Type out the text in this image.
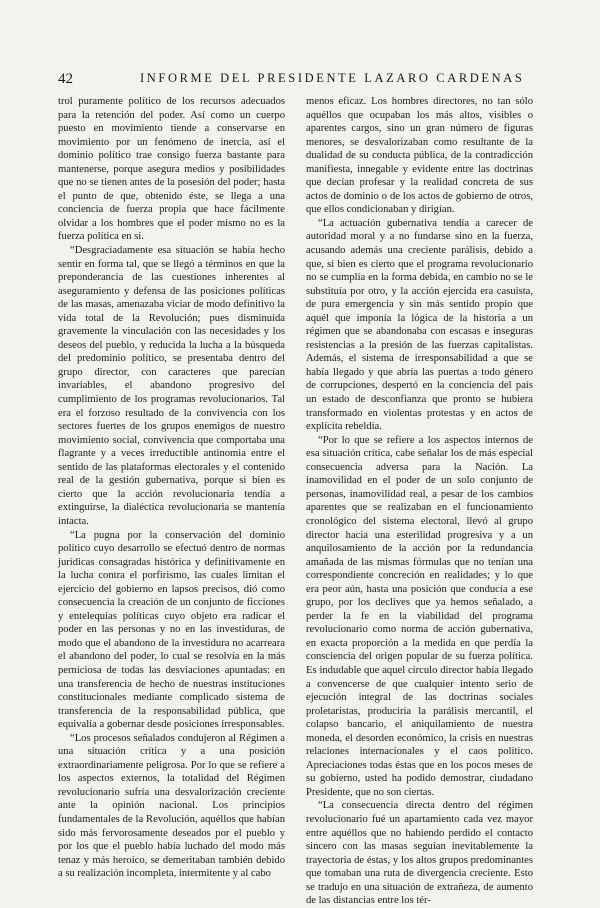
42	INFORME DEL PRESIDENTE LAZARO CARDENAS

trol puramente político de los recursos adecuados para la retención del poder. Así como un cuerpo puesto en movimiento tiende a conservarse en movimiento por un fenómeno de inercia, así el dominio político trae consigo fuerza bastante para mantenerse, porque asegura medios y posibilidades que no se tienen antes de la posesión del poder; hasta el punto de que, obtenido éste, se llega a una conciencia de fuerza propia que hace fácilmente olvidar a los hombres que el poder mismo no es la fuerza política en sí.

“Desgraciadamente esa situación se había hecho sentir en forma tal, que se llegó a términos en que la preponderancia de las cuestiones inherentes al aseguramiento y defensa de las posiciones políticas de las masas, amenazaba viciar de modo definitivo la vida total de la Revolución; pues disminuída gravemente la vinculación con las necesidades y los deseos del pueblo, y reducida la lucha a la búsqueda del predominio político, se presentaba dentro del grupo director, con caracteres que parecían invariables, el abandono progresivo del cumplimiento de los programas revolucionarios. Tal era el forzoso resultado de la convivencia con los sectores fuertes de los grupos enemigos de nuestro movimiento social, convivencia que comportaba una flagrante y a veces irreductible antinomia entre el sentido de las plataformas electorales y el contenido real de la gestión gubernativa, porque si bien es cierto que la acción revolucionaria tendía a extinguirse, la dialéctica revolucionaria se mantenía intacta.

“La pugna por la conservación del dominio político cuyo desarrollo se efectuó dentro de normas jurídicas consagradas histórica y definitivamente en la lucha contra el porfirismo, las cuales limitan el ejercicio del gobierno en lapsos precisos, dió como consecuencia la creación de un conjunto de ficciones y entelequias políticas cuyo objeto era radicar el poder en las personas y no en las investiduras, de modo que el abandono de la investidura no acarreara el abandono del poder, lo cual se resolvía en la más perniciosa de todas las desviaciones apuntadas: en una transferencia de hecho de nuestras instituciones constitucionales mediante complicado sistema de transferencia de la responsabilidad pública, que equivalía a gobernar desde posiciones irresponsables.

“Los procesos señalados condujeron al Régimen a una situación crítica y a una posición extraordinariamente peligrosa. Por lo que se refiere a los aspectos externos, la totalidad del Régimen revolucionario sufría una desvalorización creciente ante la opinión nacional. Los principios fundamentales de la Revolución, aquéllos que habían sido más fervorosamente deseados por el pueblo y por los que el pueblo había luchado del modo más tenaz y más heroico, se demeritaban también debido a su realización incompleta, intermitente y al cabo

menos eficaz. Los hombres directores, no tan sólo aquéllos que ocupaban los más altos, visibles o aparentes cargos, sino un gran número de figuras menores, se desvalorizaban como resultante de la dualidad de su conducta pública, de la contradicción manifiesta, innegable y evidente entre las doctrinas que decían profesar y la realidad concreta de sus actos de dominio o de los actos de gobierno de otros, que ellos condicionaban y dirigían.

“La actuación gubernativa tendía a carecer de autoridad moral y a no fundarse sino en la fuerza, acusando además una creciente parálisis, debido a que, si bien es cierto que el programa revolucionario no se cumplía en la forma debida, en cambio no se le substituía por otro, y la acción ejercida era casuista, de pura emergencia y sin más sentido propio que aquél que imponía la lógica de la historia a un régimen que se abandonaba con escasas e inseguras resistencias a la presión de las fuerzas capitalistas. Además, el sistema de irresponsabilidad a que se había llegado y que abría las puertas a todo género de corrupciones, despertó en la conciencia del país un estado de desconfianza que pronto se hubiera transformado en violentas protestas y en actos de explícita rebeldía.

“Por lo que se refiere a los aspectos internos de esa situación crítica, cabe señalar los de más especial consecuencia adversa para la Nación. La inamovilidad en el poder de un solo conjunto de personas, inamovilidad real, a pesar de los cambios aparentes que se realizaban en el funcionamiento cronológico del sistema electoral, llevó al grupo director hacia una esterilidad progresiva y a un anquilosamiento de la acción por la redundancia amañada de las mismas fórmulas que no tenían una correspondiente concreción en realidades; y lo que era peor aún, hasta una posición que conducía a ese grupo, por los declives que ya hemos señalado, a perder la fe en la viabilidad del programa revolucionario como norma de acción gubernativa, en exacta proporción a la medida en que perdía la consciencia del origen popular de su fuerza política. Es indudable que aquel círculo director había llegado a convencerse de que cualquier intento serio de ejecución integral de las doctrinas sociales proletaristas, produciría la parálisis mercantil, el colapso bancario, el aniquilamiento de nuestra moneda, el desorden económico, la crisis en nuestras relaciones internacionales y el caos político. Apreciaciones todas éstas que en los pocos meses de su gobierno, usted ha podido demostrar, ciudadano Presidente, que no son ciertas.

“La consecuencia directa dentro del régimen revolucionario fué un apartamiento cada vez mayor entre aquéllos que no habiendo perdido el contacto sincero con las masas seguían inevitablemente la trayectoria de éstas, y los altos grupos predominantes que tomaban una ruta de divergencia creciente. Esto se tradujo en una situación de extrañeza, de aumento de las distancias entre los tér-
